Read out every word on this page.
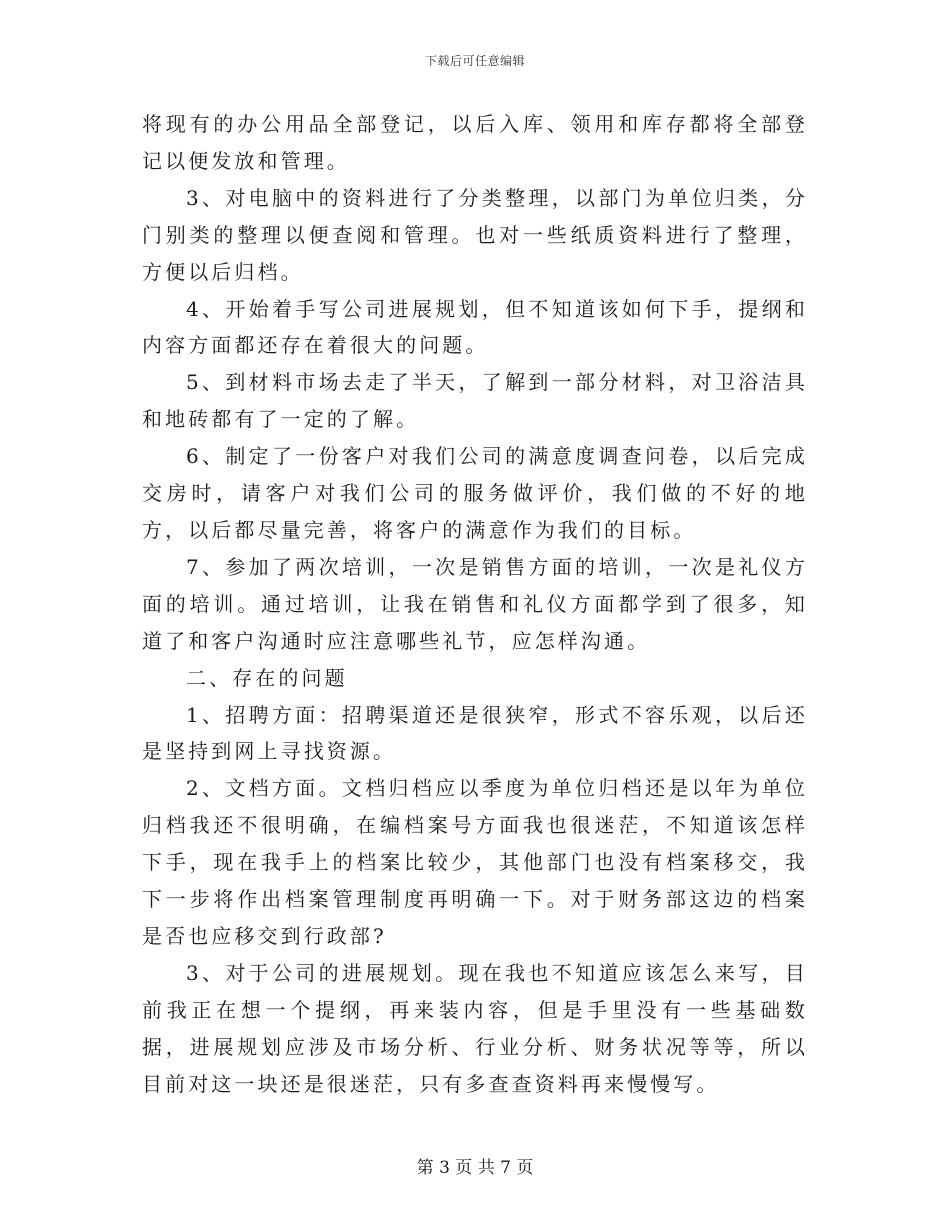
下载后可任意编辑

将现有的办公用品全部登记，以后入库、领用和库存都将全部登记以便发放和管理。

3、对电脑中的资料进行了分类整理，以部门为单位归类，分门别类的整理以便查阅和管理。也对一些纸质资料进行了整理，方便以后归档。

4、开始着手写公司进展规划，但不知道该如何下手，提纲和内容方面都还存在着很大的问题。

5、到材料市场去走了半天，了解到一部分材料，对卫浴洁具和地砖都有了一定的了解。

6、制定了一份客户对我们公司的满意度调查问卷，以后完成交房时，请客户对我们公司的服务做评价，我们做的不好的地方，以后都尽量完善，将客户的满意作为我们的目标。

7、参加了两次培训，一次是销售方面的培训，一次是礼仪方面的培训。通过培训，让我在销售和礼仪方面都学到了很多，知道了和客户沟通时应注意哪些礼节，应怎样沟通。

二、存在的问题

1、招聘方面：招聘渠道还是很狭窄，形式不容乐观，以后还是坚持到网上寻找资源。

2、文档方面。文档归档应以季度为单位归档还是以年为单位归档我还不很明确，在编档案号方面我也很迷茫，不知道该怎样下手，现在我手上的档案比较少，其他部门也没有档案移交，我下一步将作出档案管理制度再明确一下。对于财务部这边的档案是否也应移交到行政部?

3、对于公司的进展规划。现在我也不知道应该怎么来写，目前我正在想一个提纲，再来装内容，但是手里没有一些基础数据，进展规划应涉及市场分析、行业分析、财务状况等等，所以目前对这一块还是很迷茫，只有多查查资料再来慢慢写。

第 3 页 共 7 页
